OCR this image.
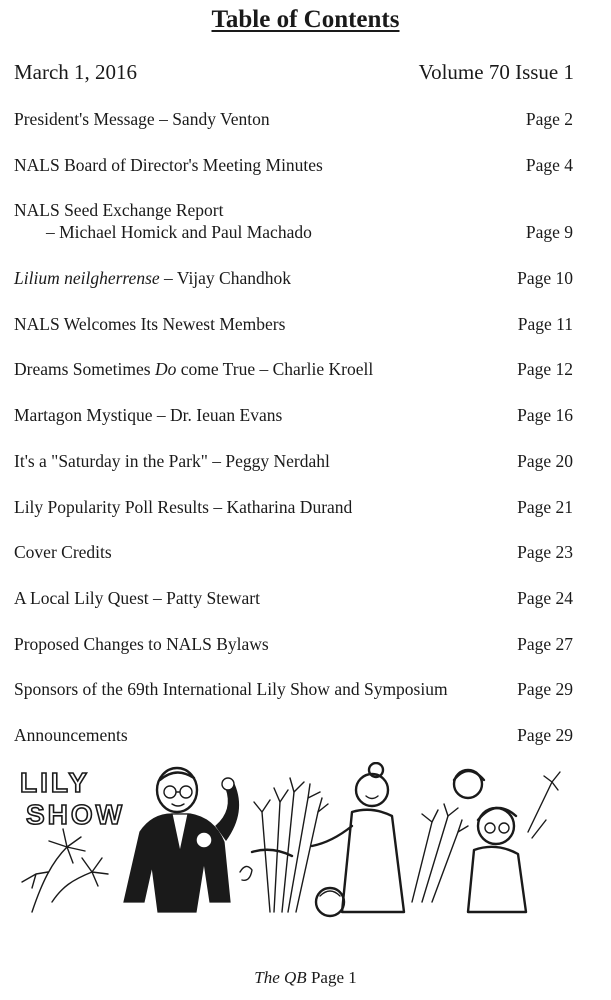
Table of Contents
March 1, 2016	Volume 70 Issue 1
President's Message – Sandy Venton	Page 2
NALS Board of Director's Meeting Minutes	Page 4
NALS Seed Exchange Report
– Michael Homick and Paul Machado	Page 9
Lilium neilgherrense – Vijay Chandhok	Page 10
NALS Welcomes Its Newest Members	Page 11
Dreams Sometimes Do come True – Charlie Kroell	Page 12
Martagon Mystique – Dr. Ieuan Evans	Page 16
It's a "Saturday in the Park" – Peggy Nerdahl	Page 20
Lily Popularity Poll Results – Katharina Durand	Page 21
Cover Credits	Page 23
A Local Lily Quest – Patty Stewart	Page 24
Proposed Changes to NALS Bylaws	Page 27
Sponsors of the 69th International Lily Show and Symposium	Page 29
Announcements	Page 29
LILY
SHOW
The QB Page 1
